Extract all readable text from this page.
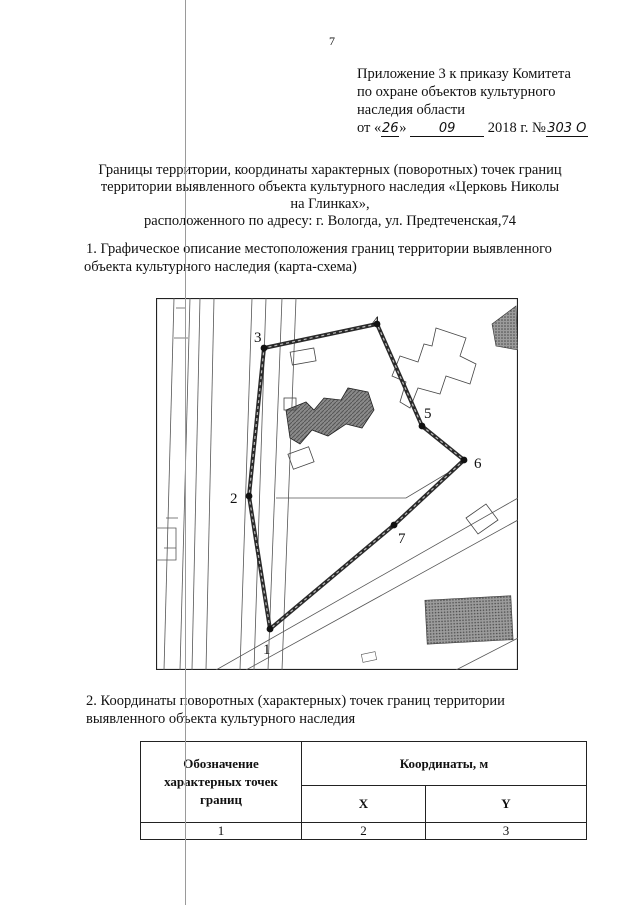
7
Приложение 3 к приказу Комитета
по охране объектов культурного
наследия области
от «26» 09 2018 г. №303 О
Границы территории, координаты характерных (поворотных) точек границ
территории выявленного объекта культурного наследия «Церковь Николы
на Глинках»,
расположенного по адресу: г. Вологда, ул. Предтеченская,74
1. Графическое описание местоположения границ территории выявленного
объекта культурного наследия (карта-схема)
1
2
3
4
5
6
7
2. Координаты поворотных (характерных) точек границ территории
выявленного объекта культурного наследия
Обозначение характерных точек границ	Координаты, м	
	X	Y
1	2	3
